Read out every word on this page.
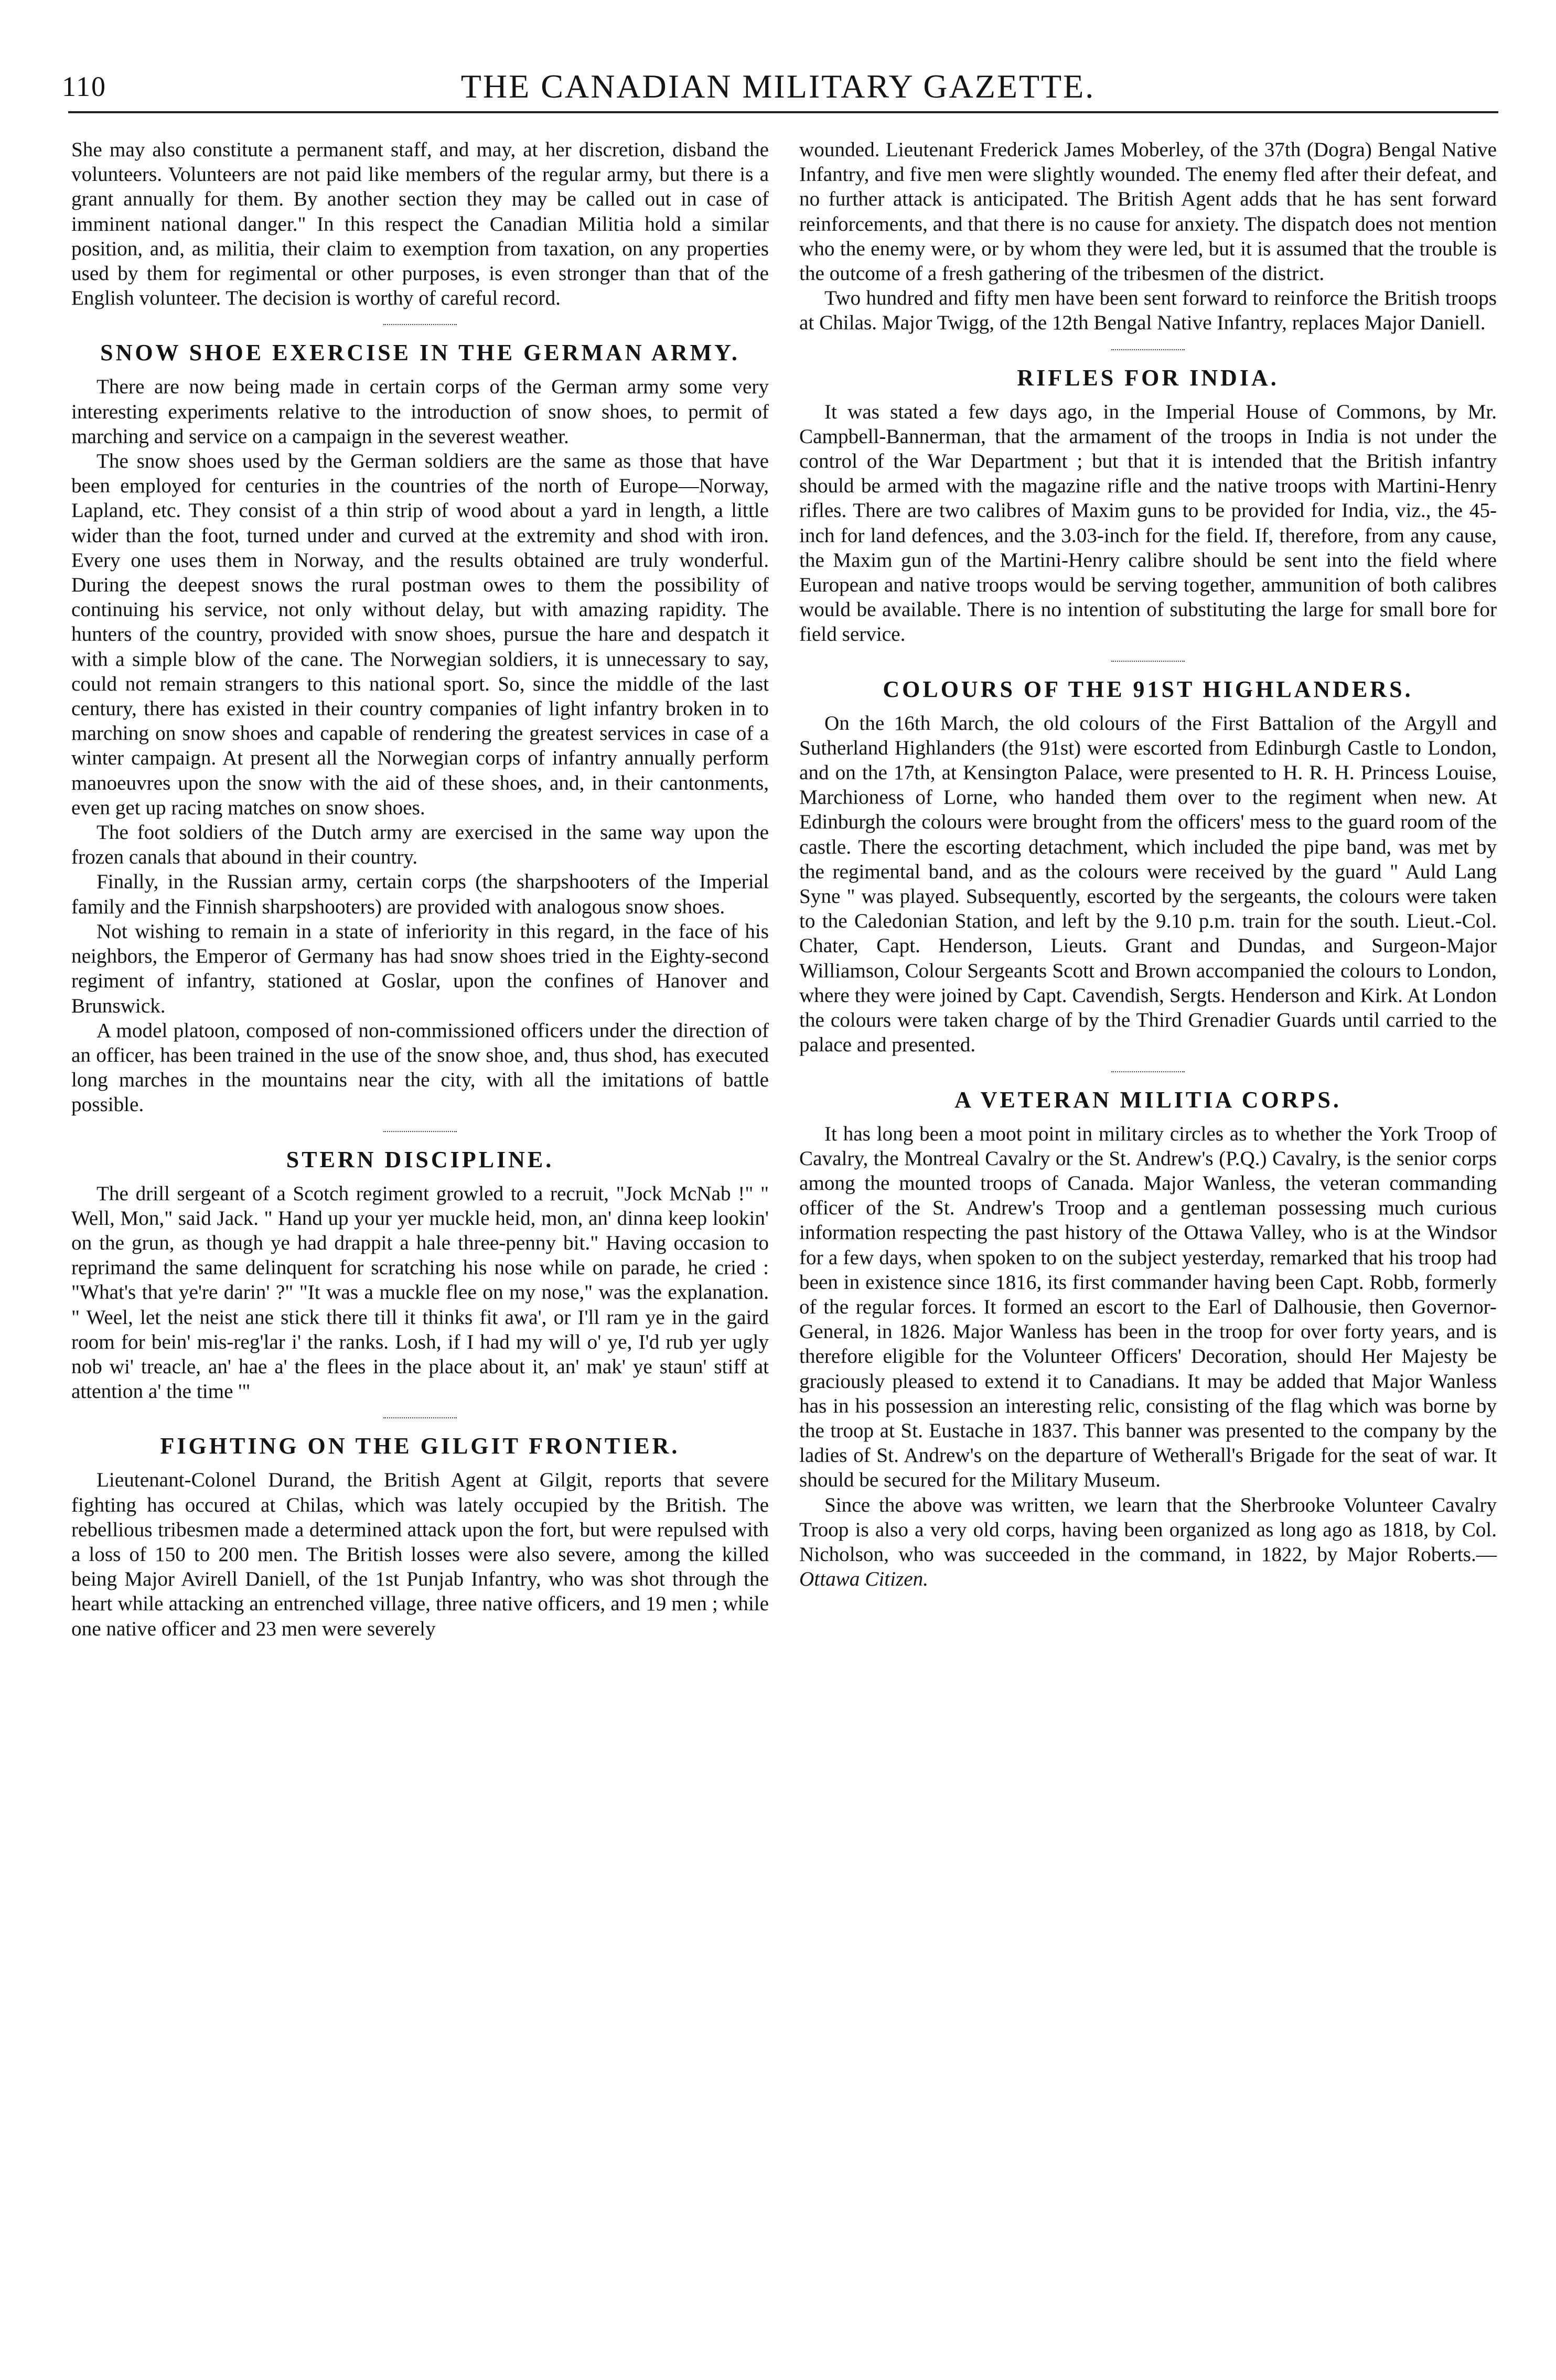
110	THE CANADIAN MILITARY GAZETTE.

She may also constitute a permanent staff, and may, at her discretion, disband the volunteers. Volunteers are not paid like members of the regular army, but there is a grant annually for them. By another section they may be called out in case of imminent national danger." In this respect the Canadian Militia hold a similar position, and, as militia, their claim to exemption from taxation, on any properties used by them for regimental or other purposes, is even stronger than that of the English volunteer. The decision is worthy of careful record.

SNOW SHOE EXERCISE IN THE GERMAN ARMY.

There are now being made in certain corps of the German army some very interesting experiments relative to the introduction of snow shoes, to permit of marching and service on a campaign in the severest weather.

The snow shoes used by the German soldiers are the same as those that have been employed for centuries in the countries of the north of Europe—Norway, Lapland, etc. They consist of a thin strip of wood about a yard in length, a little wider than the foot, turned under and curved at the extremity and shod with iron. Every one uses them in Norway, and the results obtained are truly wonderful. During the deepest snows the rural postman owes to them the possibility of continuing his service, not only without delay, but with amazing rapidity. The hunters of the country, provided with snow shoes, pursue the hare and despatch it with a simple blow of the cane. The Norwegian soldiers, it is unnecessary to say, could not remain strangers to this national sport. So, since the middle of the last century, there has existed in their country companies of light infantry broken in to marching on snow shoes and capable of rendering the greatest services in case of a winter campaign. At present all the Norwegian corps of infantry annually perform manoeuvres upon the snow with the aid of these shoes, and, in their cantonments, even get up racing matches on snow shoes.

The foot soldiers of the Dutch army are exercised in the same way upon the frozen canals that abound in their country.

Finally, in the Russian army, certain corps (the sharpshooters of the Imperial family and the Finnish sharpshooters) are provided with analogous snow shoes.

Not wishing to remain in a state of inferiority in this regard, in the face of his neighbors, the Emperor of Germany has had snow shoes tried in the Eighty-second regiment of infantry, stationed at Goslar, upon the confines of Hanover and Brunswick.

A model platoon, composed of non-commissioned officers under the direction of an officer, has been trained in the use of the snow shoe, and, thus shod, has executed long marches in the mountains near the city, with all the imitations of battle possible.

STERN DISCIPLINE.

The drill sergeant of a Scotch regiment growled to a recruit, "Jock McNab !" " Well, Mon," said Jack. " Hand up your yer muckle heid, mon, an' dinna keep lookin' on the grun, as though ye had drappit a hale three-penny bit." Having occasion to reprimand the same delinquent for scratching his nose while on parade, he cried : "What's that ye're darin' ?" "It was a muckle flee on my nose," was the explanation. " Weel, let the neist ane stick there till it thinks fit awa', or I'll ram ye in the gaird room for bein' mis-reg'lar i' the ranks. Losh, if I had my will o' ye, I'd rub yer ugly nob wi' treacle, an' hae a' the flees in the place about it, an' mak' ye staun' stiff at attention a' the time '"

FIGHTING ON THE GILGIT FRONTIER.

Lieutenant-Colonel Durand, the British Agent at Gilgit, reports that severe fighting has occured at Chilas, which was lately occupied by the British. The rebellious tribesmen made a determined attack upon the fort, but were repulsed with a loss of 150 to 200 men. The British losses were also severe, among the killed being Major Avirell Daniell, of the 1st Punjab Infantry, who was shot through the heart while attacking an entrenched village, three native officers, and 19 men ; while one native officer and 23 men were severely

wounded. Lieutenant Frederick James Moberley, of the 37th (Dogra) Bengal Native Infantry, and five men were slightly wounded. The enemy fled after their defeat, and no further attack is anticipated. The British Agent adds that he has sent forward reinforcements, and that there is no cause for anxiety. The dispatch does not mention who the enemy were, or by whom they were led, but it is assumed that the trouble is the outcome of a fresh gathering of the tribesmen of the district.

Two hundred and fifty men have been sent forward to reinforce the British troops at Chilas. Major Twigg, of the 12th Bengal Native Infantry, replaces Major Daniell.

RIFLES FOR INDIA.

It was stated a few days ago, in the Imperial House of Commons, by Mr. Campbell-Bannerman, that the armament of the troops in India is not under the control of the War Department ; but that it is intended that the British infantry should be armed with the magazine rifle and the native troops with Martini-Henry rifles. There are two calibres of Maxim guns to be provided for India, viz., the 45-inch for land defences, and the 3.03-inch for the field. If, therefore, from any cause, the Maxim gun of the Martini-Henry calibre should be sent into the field where European and native troops would be serving together, ammunition of both calibres would be available. There is no intention of substituting the large for small bore for field service.

COLOURS OF THE 91ST HIGHLANDERS.

On the 16th March, the old colours of the First Battalion of the Argyll and Sutherland Highlanders (the 91st) were escorted from Edinburgh Castle to London, and on the 17th, at Kensington Palace, were presented to H. R. H. Princess Louise, Marchioness of Lorne, who handed them over to the regiment when new. At Edinburgh the colours were brought from the officers' mess to the guard room of the castle. There the escorting detachment, which included the pipe band, was met by the regimental band, and as the colours were received by the guard " Auld Lang Syne " was played. Subsequently, escorted by the sergeants, the colours were taken to the Caledonian Station, and left by the 9.10 p.m. train for the south. Lieut.-Col. Chater, Capt. Henderson, Lieuts. Grant and Dundas, and Surgeon-Major Williamson, Colour Sergeants Scott and Brown accompanied the colours to London, where they were joined by Capt. Cavendish, Sergts. Henderson and Kirk. At London the colours were taken charge of by the Third Grenadier Guards until carried to the palace and presented.

A VETERAN MILITIA CORPS.

It has long been a moot point in military circles as to whether the York Troop of Cavalry, the Montreal Cavalry or the St. Andrew's (P.Q.) Cavalry, is the senior corps among the mounted troops of Canada. Major Wanless, the veteran commanding officer of the St. Andrew's Troop and a gentleman possessing much curious information respecting the past history of the Ottawa Valley, who is at the Windsor for a few days, when spoken to on the subject yesterday, remarked that his troop had been in existence since 1816, its first commander having been Capt. Robb, formerly of the regular forces. It formed an escort to the Earl of Dalhousie, then Governor-General, in 1826. Major Wanless has been in the troop for over forty years, and is therefore eligible for the Volunteer Officers' Decoration, should Her Majesty be graciously pleased to extend it to Canadians. It may be added that Major Wanless has in his possession an interesting relic, consisting of the flag which was borne by the troop at St. Eustache in 1837. This banner was presented to the company by the ladies of St. Andrew's on the departure of Wetherall's Brigade for the seat of war. It should be secured for the Military Museum.

Since the above was written, we learn that the Sherbrooke Volunteer Cavalry Troop is also a very old corps, having been organized as long ago as 1818, by Col. Nicholson, who was succeeded in the command, in 1822, by Major Roberts.— Ottawa Citizen.
